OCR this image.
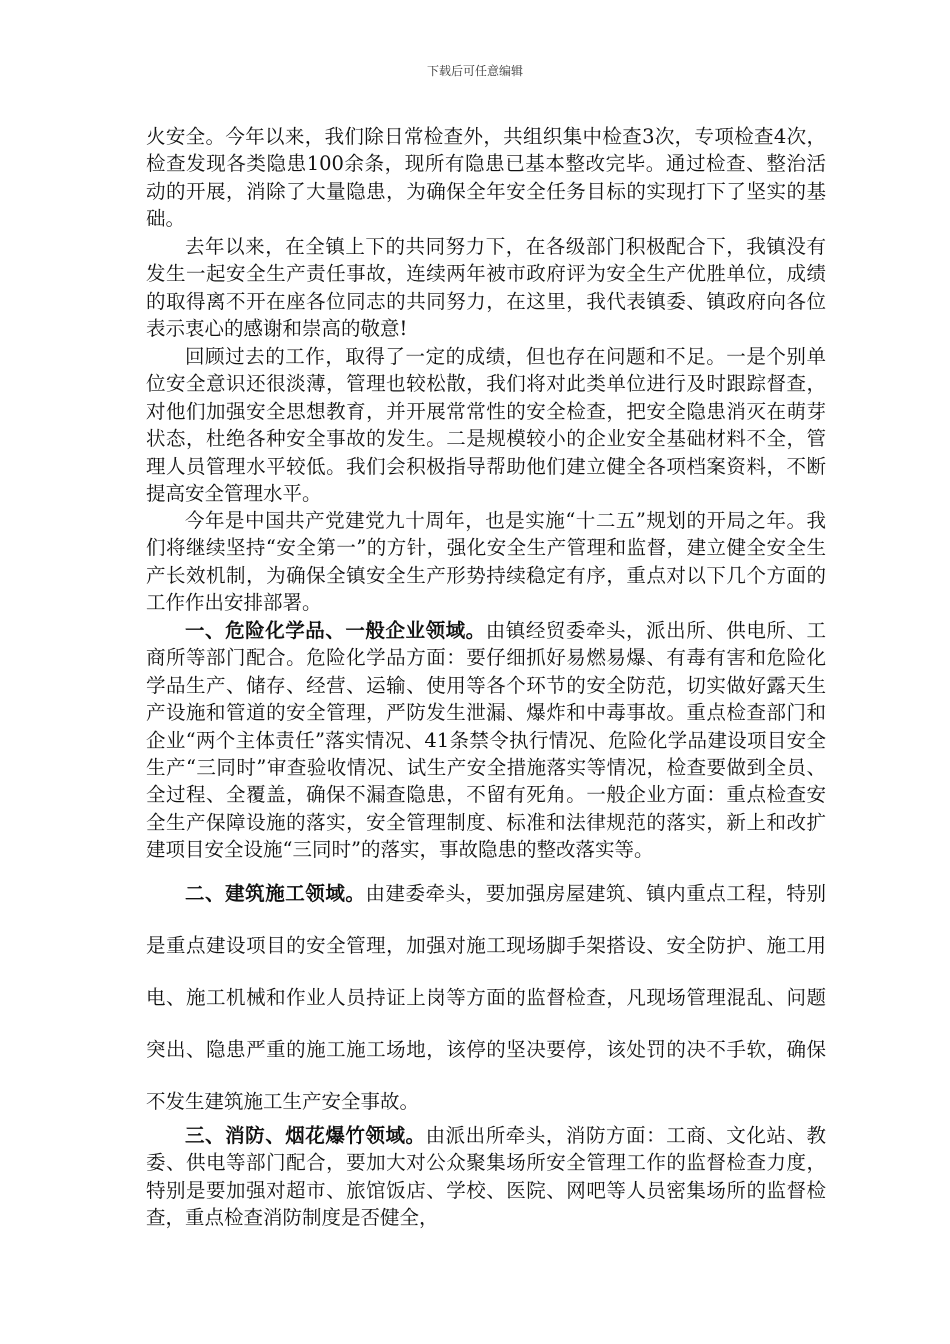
下载后可任意编辑

火安全。今年以来，我们除日常检查外，共组织集中检查3次，专项检查4次，检查发现各类隐患100余条，现所有隐患已基本整改完毕。通过检查、整治活动的开展，消除了大量隐患，为确保全年安全任务目标的实现打下了坚实的基础。

去年以来，在全镇上下的共同努力下，在各级部门积极配合下，我镇没有发生一起安全生产责任事故，连续两年被市政府评为安全生产优胜单位，成绩的取得离不开在座各位同志的共同努力，在这里，我代表镇委、镇政府向各位表示衷心的感谢和崇高的敬意!

回顾过去的工作，取得了一定的成绩，但也存在问题和不足。一是个别单位安全意识还很淡薄，管理也较松散，我们将对此类单位进行及时跟踪督查，对他们加强安全思想教育，并开展常常性的安全检查，把安全隐患消灭在萌芽状态，杜绝各种安全事故的发生。二是规模较小的企业安全基础材料不全，管理人员管理水平较低。我们会积极指导帮助他们建立健全各项档案资料，不断提高安全管理水平。

今年是中国共产党建党九十周年，也是实施“十二五”规划的开局之年。我们将继续坚持“安全第一”的方针，强化安全生产管理和监督，建立健全安全生产长效机制，为确保全镇安全生产形势持续稳定有序，重点对以下几个方面的工作作出安排部署。

一、危险化学品、一般企业领域。由镇经贸委牵头，派出所、供电所、工商所等部门配合。危险化学品方面：要仔细抓好易燃易爆、有毒有害和危险化学品生产、储存、经营、运输、使用等各个环节的安全防范，切实做好露天生产设施和管道的安全管理，严防发生泄漏、爆炸和中毒事故。重点检查部门和企业“两个主体责任”落实情况、41条禁令执行情况、危险化学品建设项目安全生产“三同时”审查验收情况、试生产安全措施落实等情况，检查要做到全员、全过程、全覆盖，确保不漏查隐患，不留有死角。一般企业方面：重点检查安全生产保障设施的落实，安全管理制度、标准和法律规范的落实，新上和改扩建项目安全设施“三同时”的落实，事故隐患的整改落实等。

二、建筑施工领域。由建委牵头，要加强房屋建筑、镇内重点工程，特别是重点建设项目的安全管理，加强对施工现场脚手架搭设、安全防护、施工用电、施工机械和作业人员持证上岗等方面的监督检查，凡现场管理混乱、问题突出、隐患严重的施工施工场地，该停的坚决要停，该处罚的决不手软，确保不发生建筑施工生产安全事故。

三、消防、烟花爆竹领域。由派出所牵头，消防方面：工商、文化站、教委、供电等部门配合，要加大对公众聚集场所安全管理工作的监督检查力度，特别是要加强对超市、旅馆饭店、学校、医院、网吧等人员密集场所的监督检查，重点检查消防制度是否健全，
